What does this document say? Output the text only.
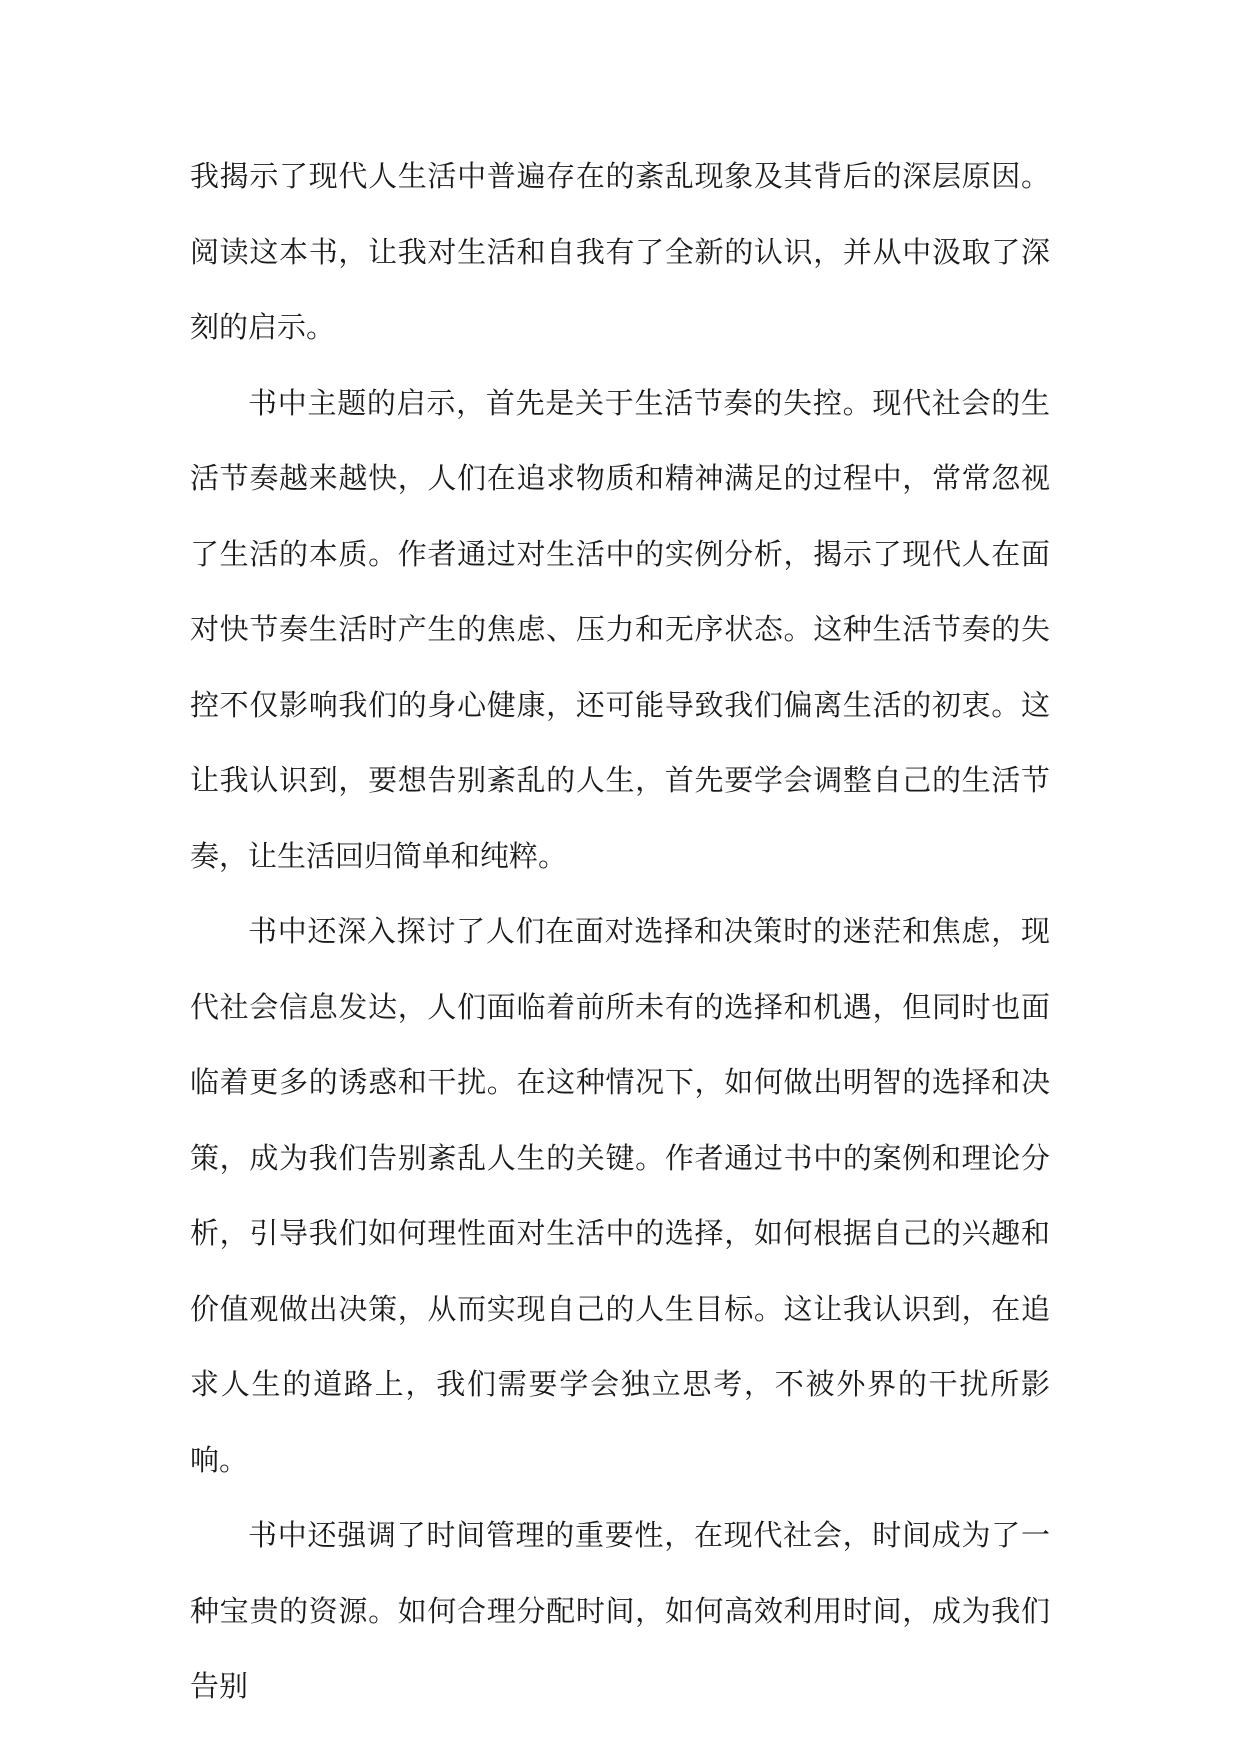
我揭示了现代人生活中普遍存在的紊乱现象及其背后的深层原因。阅读这本书，让我对生活和自我有了全新的认识，并从中汲取了深刻的启示。

书中主题的启示，首先是关于生活节奏的失控。现代社会的生活节奏越来越快，人们在追求物质和精神满足的过程中，常常忽视了生活的本质。作者通过对生活中的实例分析，揭示了现代人在面对快节奏生活时产生的焦虑、压力和无序状态。这种生活节奏的失控不仅影响我们的身心健康，还可能导致我们偏离生活的初衷。这让我认识到，要想告别紊乱的人生，首先要学会调整自己的生活节奏，让生活回归简单和纯粹。

书中还深入探讨了人们在面对选择和决策时的迷茫和焦虑，现代社会信息发达，人们面临着前所未有的选择和机遇，但同时也面临着更多的诱惑和干扰。在这种情况下，如何做出明智的选择和决策，成为我们告别紊乱人生的关键。作者通过书中的案例和理论分析，引导我们如何理性面对生活中的选择，如何根据自己的兴趣和价值观做出决策，从而实现自己的人生目标。这让我认识到，在追求人生的道路上，我们需要学会独立思考，不被外界的干扰所影响。

书中还强调了时间管理的重要性，在现代社会，时间成为了一种宝贵的资源。如何合理分配时间，如何高效利用时间，成为我们告别
